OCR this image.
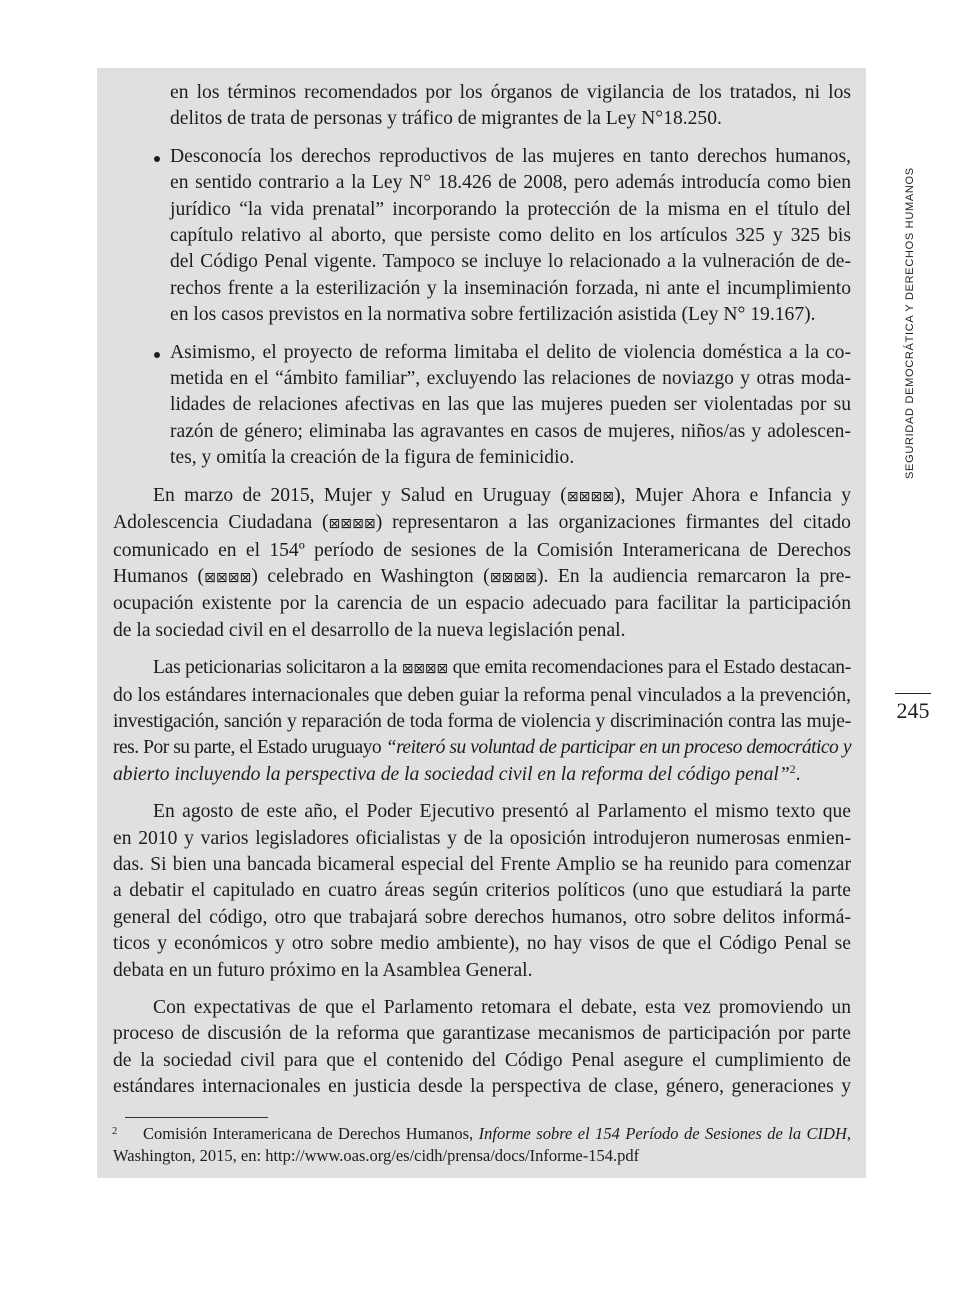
en los términos recomendados por los órganos de vigilancia de los tratados, ni los
delitos de trata de personas y tráfico de migrantes de la Ley N°18.250.
Desconocía los derechos reproductivos de las mujeres en tanto derechos humanos,
en sentido contrario a la Ley N° 18.426 de 2008, pero además introducía como bien
jurídico “la vida prenatal” incorporando la protección de la misma en el título del
capítulo relativo al aborto, que persiste como delito en los artículos 325 y 325 bis
del Código Penal vigente. Tampoco se incluye lo relacionado a la vulneración de de-
rechos frente a la esterilización y la inseminación forzada, ni ante el incumplimiento
en los casos previstos en la normativa sobre fertilización asistida (Ley N° 19.167).
Asimismo, el proyecto de reforma limitaba el delito de violencia doméstica a la co-
metida en el “ámbito familiar”, excluyendo las relaciones de noviazgo y otras moda-
lidades de relaciones afectivas en las que las mujeres pueden ser violentadas por su
razón de género; eliminaba las agravantes en casos de mujeres, niños/as y adolescen-
tes, y omitía la creación de la figura de feminicidio.
En marzo de 2015, Mujer y Salud en Uruguay (⊠⊠⊠⊠), Mujer Ahora e Infancia y
Adolescencia Ciudadana (⊠⊠⊠⊠) representaron a las organizaciones firmantes del citado
comunicado en el 154º período de sesiones de la Comisión Interamericana de Derechos
Humanos (⊠⊠⊠⊠) celebrado en Washington (⊠⊠⊠⊠). En la audiencia remarcaron la pre-
ocupación existente por la carencia de un espacio adecuado para facilitar la participación
de la sociedad civil en el desarrollo de la nueva legislación penal.
Las peticionarias solicitaron a la ⊠⊠⊠⊠ que emita recomendaciones para el Estado destacan-
do los estándares internacionales que deben guiar la reforma penal vinculados a la prevención,
investigación, sanción y reparación de toda forma de violencia y discriminación contra las muje-
res. Por su parte, el Estado uruguayo “reiteró su voluntad de participar en un proceso democrático y
abierto incluyendo la perspectiva de la sociedad civil en la reforma del código penal”$^2$.
En agosto de este año, el Poder Ejecutivo presentó al Parlamento el mismo texto que
en 2010 y varios legisladores oficialistas y de la oposición introdujeron numerosas enmien-
das. Si bien una bancada bicameral especial del Frente Amplio se ha reunido para comenzar
a debatir el capitulado en cuatro áreas según criterios políticos (uno que estudiará la parte
general del código, otro que trabajará sobre derechos humanos, otro sobre delitos informá-
ticos y económicos y otro sobre medio ambiente), no hay visos de que el Código Penal se
debata en un futuro próximo en la Asamblea General.
Con expectativas de que el Parlamento retomara el debate, esta vez promoviendo un
proceso de discusión de la reforma que garantizase mecanismos de participación por parte
de la sociedad civil para que el contenido del Código Penal asegure el cumplimiento de
estándares internacionales en justicia desde la perspectiva de clase, género, generaciones y
2 Comisión Interamericana de Derechos Humanos, Informe sobre el 154 Período de Sesiones de la CIDH,
Washington, 2015, en: http://www.oas.org/es/cidh/prensa/docs/Informe-154.pdf
245
SEGURIDAD DEMOCRÁTICA Y DERECHOS HUMANOS
